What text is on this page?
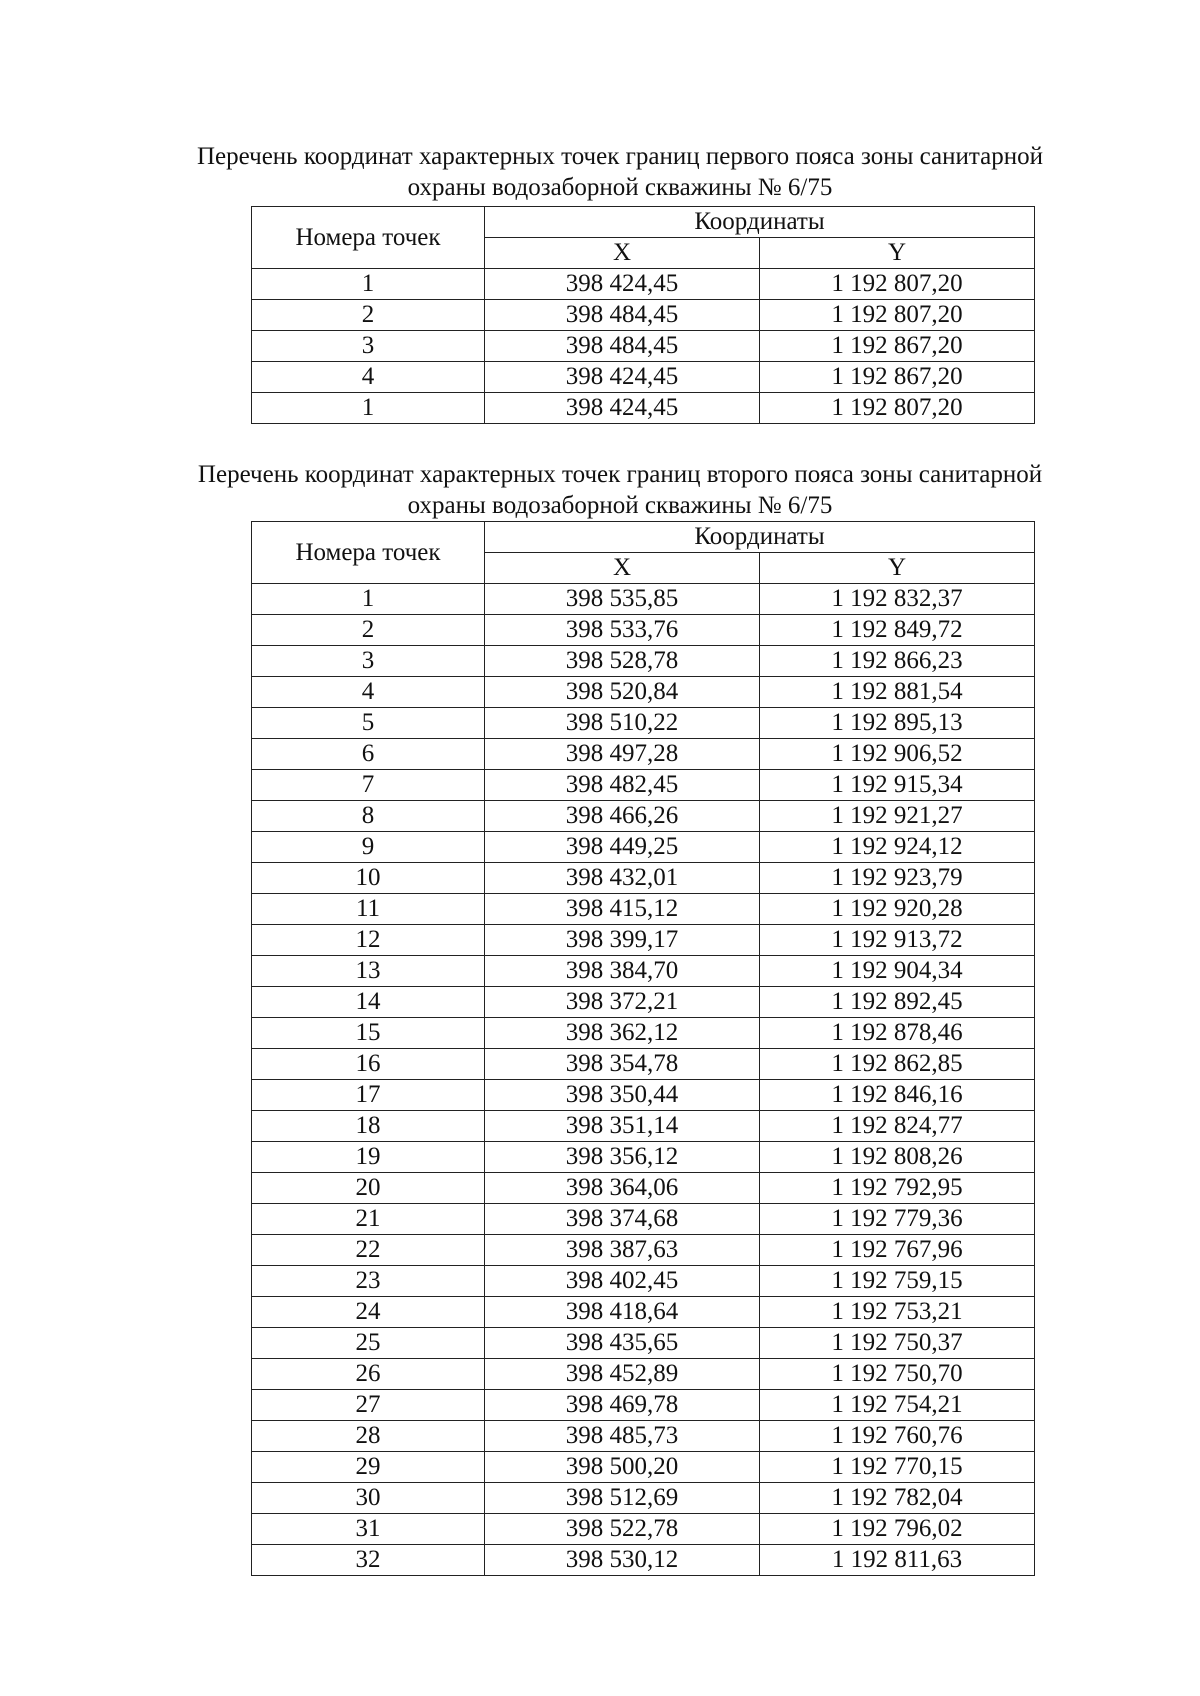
Перечень координат характерных точек границ первого пояса зоны санитарной
охраны водозаборной скважины № 6/75
Номера точек	Координаты	
	X	Y
1	398 424,45	1 192 807,20
2	398 484,45	1 192 807,20
3	398 484,45	1 192 867,20
4	398 424,45	1 192 867,20
1	398 424,45	1 192 807,20
Перечень координат характерных точек границ второго пояса зоны санитарной
охраны водозаборной скважины № 6/75
Номера точек	Координаты	
	X	Y
1	398 535,85	1 192 832,37
2	398 533,76	1 192 849,72
3	398 528,78	1 192 866,23
4	398 520,84	1 192 881,54
5	398 510,22	1 192 895,13
6	398 497,28	1 192 906,52
7	398 482,45	1 192 915,34
8	398 466,26	1 192 921,27
9	398 449,25	1 192 924,12
10	398 432,01	1 192 923,79
11	398 415,12	1 192 920,28
12	398 399,17	1 192 913,72
13	398 384,70	1 192 904,34
14	398 372,21	1 192 892,45
15	398 362,12	1 192 878,46
16	398 354,78	1 192 862,85
17	398 350,44	1 192 846,16
18	398 351,14	1 192 824,77
19	398 356,12	1 192 808,26
20	398 364,06	1 192 792,95
21	398 374,68	1 192 779,36
22	398 387,63	1 192 767,96
23	398 402,45	1 192 759,15
24	398 418,64	1 192 753,21
25	398 435,65	1 192 750,37
26	398 452,89	1 192 750,70
27	398 469,78	1 192 754,21
28	398 485,73	1 192 760,76
29	398 500,20	1 192 770,15
30	398 512,69	1 192 782,04
31	398 522,78	1 192 796,02
32	398 530,12	1 192 811,63
